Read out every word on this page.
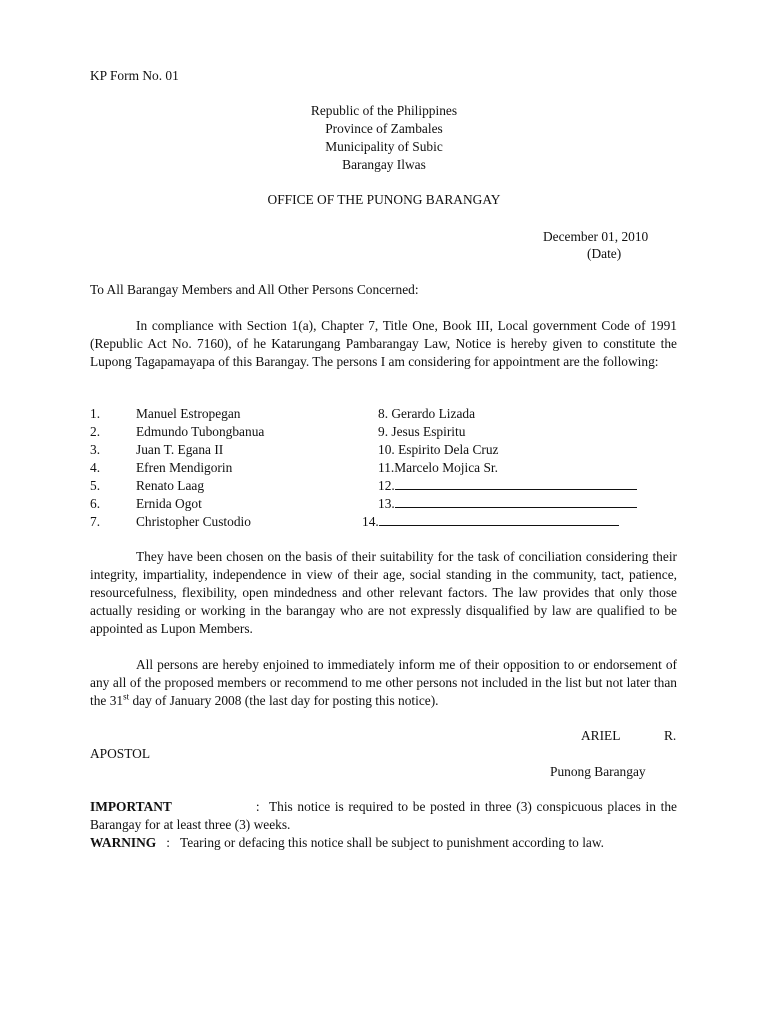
KP Form No. 01
Republic of the Philippines
Province of Zambales
Municipality of Subic
Barangay Ilwas
OFFICE OF THE PUNONG BARANGAY
December 01, 2010
(Date)
To All Barangay Members and All Other Persons Concerned:
In compliance with Section 1(a), Chapter 7, Title One, Book III, Local government Code of 1991 (Republic Act No. 7160), of he Katarungang Pambarangay Law, Notice is hereby given to constitute the Lupong Tagapamayapa of this Barangay. The persons I am considering for appointment are the following:
1.	Manuel Estropegan
2.	Edmundo Tubongbanua
3.	Juan T. Egana II
4.	Efren Mendigorin
5.	Renato Laag
6.	Ernida Ogot
7.	Christopher Custodio
8. Gerardo Lizada
9. Jesus Espiritu
10. Espirito Dela Cruz
11.Marcelo Mojica Sr.
12.
13.
14.
They have been chosen on the basis of their suitability for the task of conciliation considering their integrity, impartiality, independence in view of their age, social standing in the community, tact, patience, resourcefulness, flexibility, open mindedness and other relevant factors. The law provides that only those actually residing or working in the barangay who are not expressly disqualified by law are qualified to be appointed as Lupon Members.
All persons are hereby enjoined to immediately inform me of their opposition to or endorsement of any all of the proposed members or recommend to me other persons not included in the list but not later than the 31st day of January 2008 (the last day for posting this notice).
ARIEL	R.
APOSTOL
Punong Barangay
IMPORTANT	: This notice is required to be posted in three (3) conspicuous places in the Barangay for at least three (3) weeks.
WARNING : Tearing or defacing this notice shall be subject to punishment according to law.
